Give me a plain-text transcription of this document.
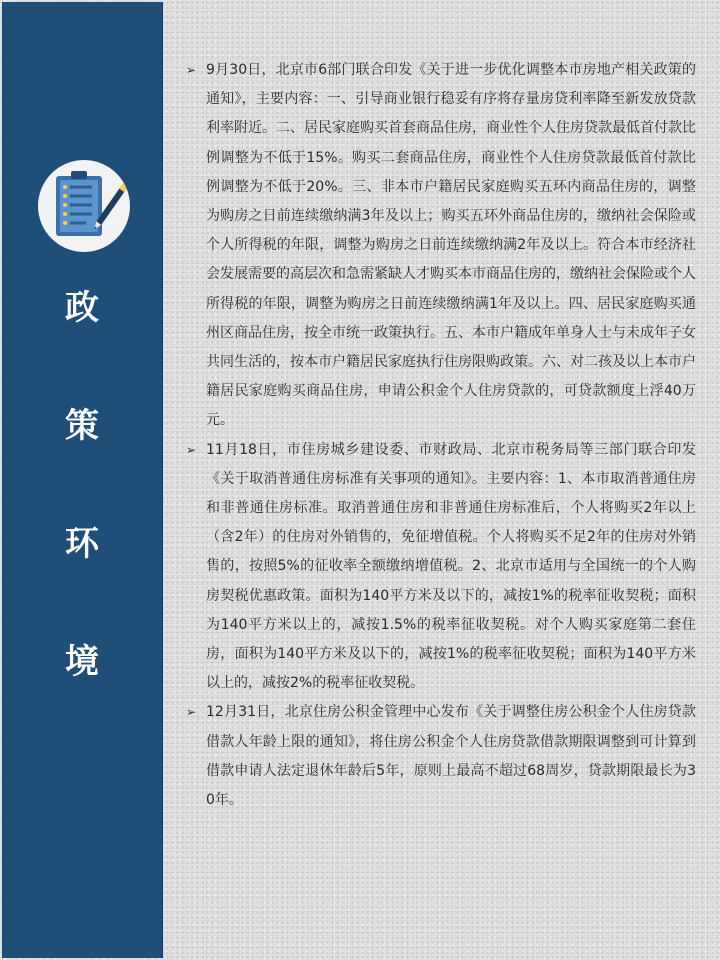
政
策
环
境
➢ 9月30日，北京市6部门联合印发《关于进一步优化调整本市房地产相关政策的通知》，主要内容：一、引导商业银行稳妥有序将存量房贷利率降至新发放贷款利率附近。二、居民家庭购买首套商品住房，商业性个人住房贷款最低首付款比例调整为不低于15%。购买二套商品住房，商业性个人住房贷款最低首付款比例调整为不低于20%。三、非本市户籍居民家庭购买五环内商品住房的，调整为购房之日前连续缴纳满3年及以上；购买五环外商品住房的，缴纳社会保险或个人所得税的年限，调整为购房之日前连续缴纳满2年及以上。符合本市经济社会发展需要的高层次和急需紧缺人才购买本市商品住房的，缴纳社会保险或个人所得税的年限，调整为购房之日前连续缴纳满1年及以上。四、居民家庭购买通州区商品住房，按全市统一政策执行。五、本市户籍成年单身人士与未成年子女共同生活的，按本市户籍居民家庭执行住房限购政策。六、对二孩及以上本市户籍居民家庭购买商品住房，申请公积金个人住房贷款的，可贷款额度上浮40万元。
➢ 11月18日，市住房城乡建设委、市财政局、北京市税务局等三部门联合印发《关于取消普通住房标准有关事项的通知》。主要内容：1、本市取消普通住房和非普通住房标准。取消普通住房和非普通住房标准后，个人将购买2年以上（含2年）的住房对外销售的，免征增值税。个人将购买不足2年的住房对外销售的，按照5%的征收率全额缴纳增值税。2、北京市适用与全国统一的个人购房契税优惠政策。面积为140平方米及以下的，减按1%的税率征收契税；面积为140平方米以上的，减按1.5%的税率征收契税。对个人购买家庭第二套住房，面积为140平方米及以下的，减按1%的税率征收契税；面积为140平方米以上的，减按2%的税率征收契税。
➢ 12月31日，北京住房公积金管理中心发布《关于调整住房公积金个人住房贷款借款人年龄上限的通知》，将住房公积金个人住房贷款借款期限调整到可计算到借款申请人法定退休年龄后5年，原则上最高不超过68周岁，贷款期限最长为30年。
